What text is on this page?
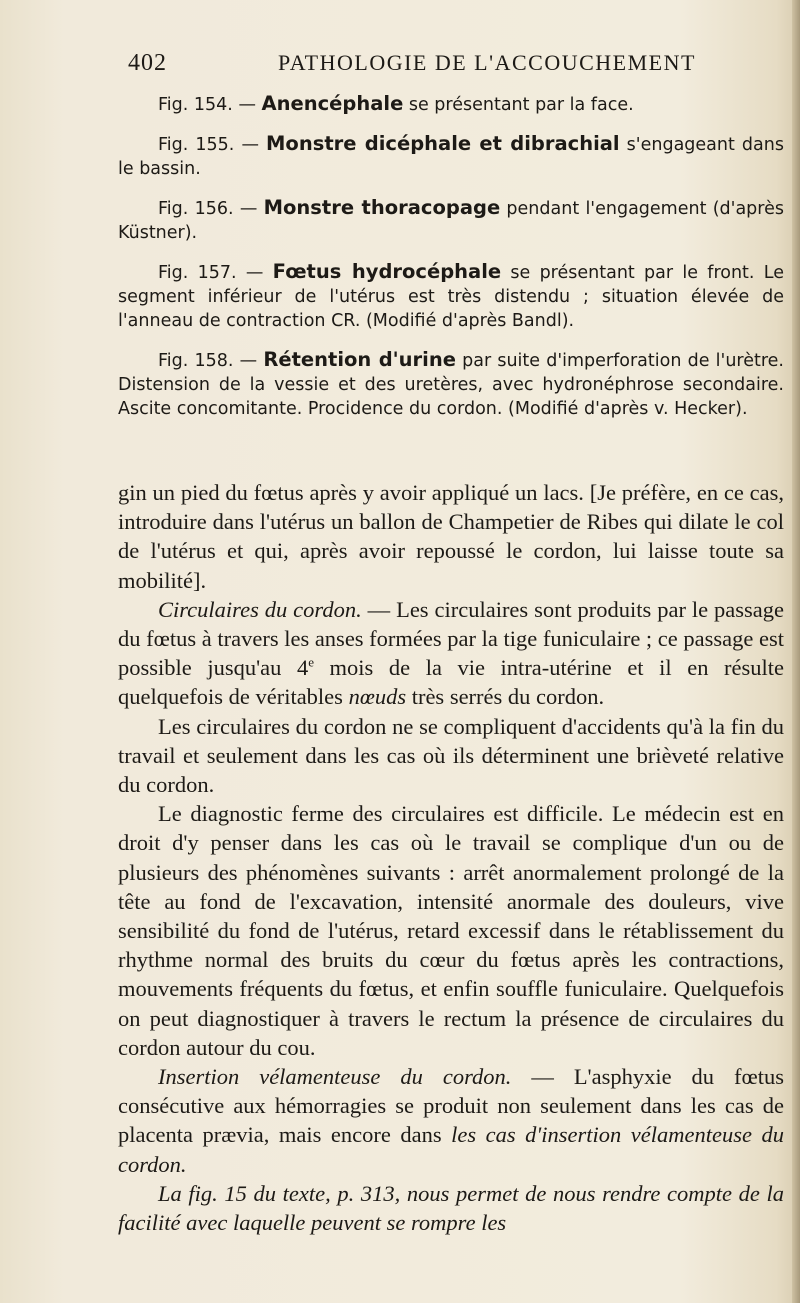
402	PATHOLOGIE DE L'ACCOUCHEMENT

Fig. 154. — Anencéphale se présentant par la face.

Fig. 155. — Monstre dicéphale et dibrachial s'engageant dans le bassin.

Fig. 156. — Monstre thoracopage pendant l'engagement (d'après Küstner).

Fig. 157. — Fœtus hydrocéphale se présentant par le front. Le segment inférieur de l'utérus est très distendu ; situation élevée de l'anneau de contraction CR. (Modifié d'après Bandl).

Fig. 158. — Rétention d'urine par suite d'imperforation de l'urètre. Distension de la vessie et des uretères, avec hydronéphrose secondaire. Ascite concomitante. Procidence du cordon. (Modifié d'après v. Hecker).

gin un pied du fœtus après y avoir appliqué un lacs. [Je préfère, en ce cas, introduire dans l'utérus un ballon de Champetier de Ribes qui dilate le col de l'utérus et qui, après avoir repoussé le cordon, lui laisse toute sa mobilité].

Circulaires du cordon. — Les circulaires sont produits par le passage du fœtus à travers les anses formées par la tige funiculaire ; ce passage est possible jusqu'au 4e mois de la vie intra-utérine et il en résulte quelquefois de véritables nœuds très serrés du cordon.

Les circulaires du cordon ne se compliquent d'accidents qu'à la fin du travail et seulement dans les cas où ils déterminent une brièveté relative du cordon.

Le diagnostic ferme des circulaires est difficile. Le médecin est en droit d'y penser dans les cas où le travail se complique d'un ou de plusieurs des phénomènes suivants : arrêt anormalement prolongé de la tête au fond de l'excavation, intensité anormale des douleurs, vive sensibilité du fond de l'utérus, retard excessif dans le rétablissement du rhythme normal des bruits du cœur du fœtus après les contractions, mouvements fréquents du fœtus, et enfin souffle funiculaire. Quelquefois on peut diagnostiquer à travers le rectum la présence de circulaires du cordon autour du cou.

Insertion vélamenteuse du cordon. — L'asphyxie du fœtus consécutive aux hémorragies se produit non seulement dans les cas de placenta prævia, mais encore dans les cas d'insertion vélamenteuse du cordon.

La fig. 15 du texte, p. 313, nous permet de nous rendre compte de la facilité avec laquelle peuvent se rompre les
